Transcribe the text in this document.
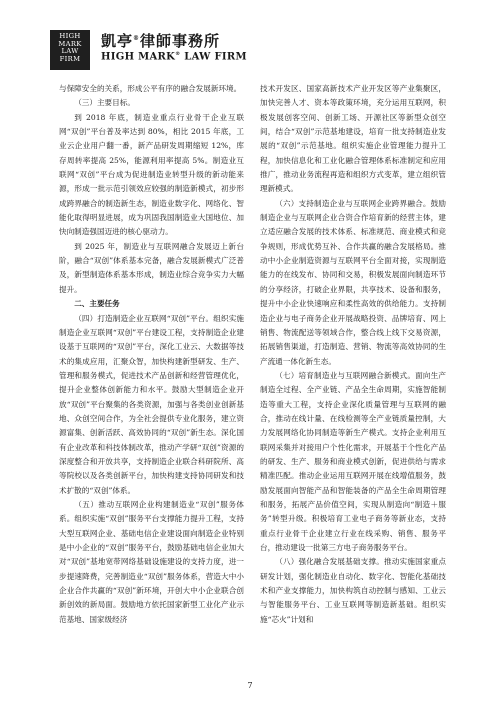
HIGH
MARK
LAW
FIRM
凱亭®律師事務所
HIGH MARK® LAW FIRM

与保障安全的关系，形成公平有序的融合发展新环境。

（三）主要目标。

到 2018 年底，制造业重点行业骨干企业互联网“双创”平台普及率达到 80%，相比 2015 年底，工业云企业用户翻一番，新产品研发周期缩短 12%，库存周转率提高 25%，能源利用率提高 5%。制造业互联网“双创”平台成为促进制造业转型升级的新动能来源，形成一批示范引领效应较强的制造新模式，初步形成跨界融合的制造新生态，制造业数字化、网络化、智能化取得明显进展，成为巩固我国制造业大国地位、加快向制造强国迈进的核心驱动力。

到 2025 年，制造业与互联网融合发展迈上新台阶，融合“双创”体系基本完备，融合发展新模式广泛普及，新型制造体系基本形成，制造业综合竞争实力大幅提升。

二、主要任务

（四）打造制造企业互联网“双创”平台。组织实施制造企业互联网“双创”平台建设工程，支持制造企业建设基于互联网的“双创”平台，深化工业云、大数据等技术的集成应用，汇聚众智，加快构建新型研发、生产、管理和服务模式，促进技术产品创新和经营管理优化，提升企业整体创新能力和水平。鼓励大型制造企业开放“双创”平台聚集的各类资源，加强与各类创业创新基地、众创空间合作，为全社会提供专业化服务，建立资源富集、创新活跃、高效协同的“双创”新生态。深化国有企业改革和科技体制改革，推动产学研“双创”资源的深度整合和开放共享，支持制造企业联合科研院所、高等院校以及各类创新平台，加快构建支持协同研发和技术扩散的“双创”体系。

（五）推动互联网企业构建制造业“双创”服务体系。组织实施“双创”服务平台支撑能力提升工程，支持大型互联网企业、基础电信企业建设面向制造企业特别是中小企业的“双创”服务平台，鼓励基础电信企业加大对“双创”基地宽带网络基础设施建设的支持力度，进一步提速降费，完善制造业“双创”服务体系，营造大中小企业合作共赢的“双创”新环境，开创大中小企业联合创新创效的新局面。鼓励地方依托国家新型工业化产业示范基地、国家级经济

技术开发区、国家高新技术产业开发区等产业集聚区，加快完善人才、资本等政策环境，充分运用互联网，积极发展创客空间、创新工场、开源社区等新型众创空间，结合“双创”示范基地建设，培育一批支持制造业发展的“双创”示范基地。组织实施企业管理能力提升工程，加快信息化和工业化融合管理体系标准制定和应用推广，推动业务流程再造和组织方式变革，建立组织管理新模式。

（六）支持制造企业与互联网企业跨界融合。鼓励制造企业与互联网企业合资合作培育新的经营主体，建立适应融合发展的技术体系、标准规范、商业模式和竞争规则，形成优势互补、合作共赢的融合发展格局。推动中小企业制造资源与互联网平台全面对接，实现制造能力的在线发布、协同和交易，积极发展面向制造环节的分享经济，打破企业界限，共享技术、设备和服务，提升中小企业快速响应和柔性高效的供给能力。支持制造企业与电子商务企业开展战略投资、品牌培育、网上销售、物流配送等领域合作，整合线上线下交易资源，拓展销售渠道，打造制造、营销、物流等高效协同的生产流通一体化新生态。

（七）培育制造业与互联网融合新模式。面向生产制造全过程、全产业链、产品全生命周期，实施智能制造等重大工程，支持企业深化质量管理与互联网的融合，推动在线计量、在线检测等全产业链质量控制，大力发展网络化协同制造等新生产模式。支持企业利用互联网采集并对接用户个性化需求，开展基于个性化产品的研发、生产、服务和商业模式创新，促进供给与需求精准匹配。推动企业运用互联网开展在线增值服务，鼓励发展面向智能产品和智能装备的产品全生命周期管理和服务，拓展产品价值空间，实现从制造向“制造＋服务”转型升级。积极培育工业电子商务等新业态，支持重点行业骨干企业建立行业在线采购、销售、服务平台，推动建设一批第三方电子商务服务平台。

（八）强化融合发展基础支撑。推动实施国家重点研发计划，强化制造业自动化、数字化、智能化基础技术和产业支撑能力，加快构筑自动控制与感知、工业云与智能服务平台、工业互联网等制造新基础。组织实施“芯火”计划和

7
